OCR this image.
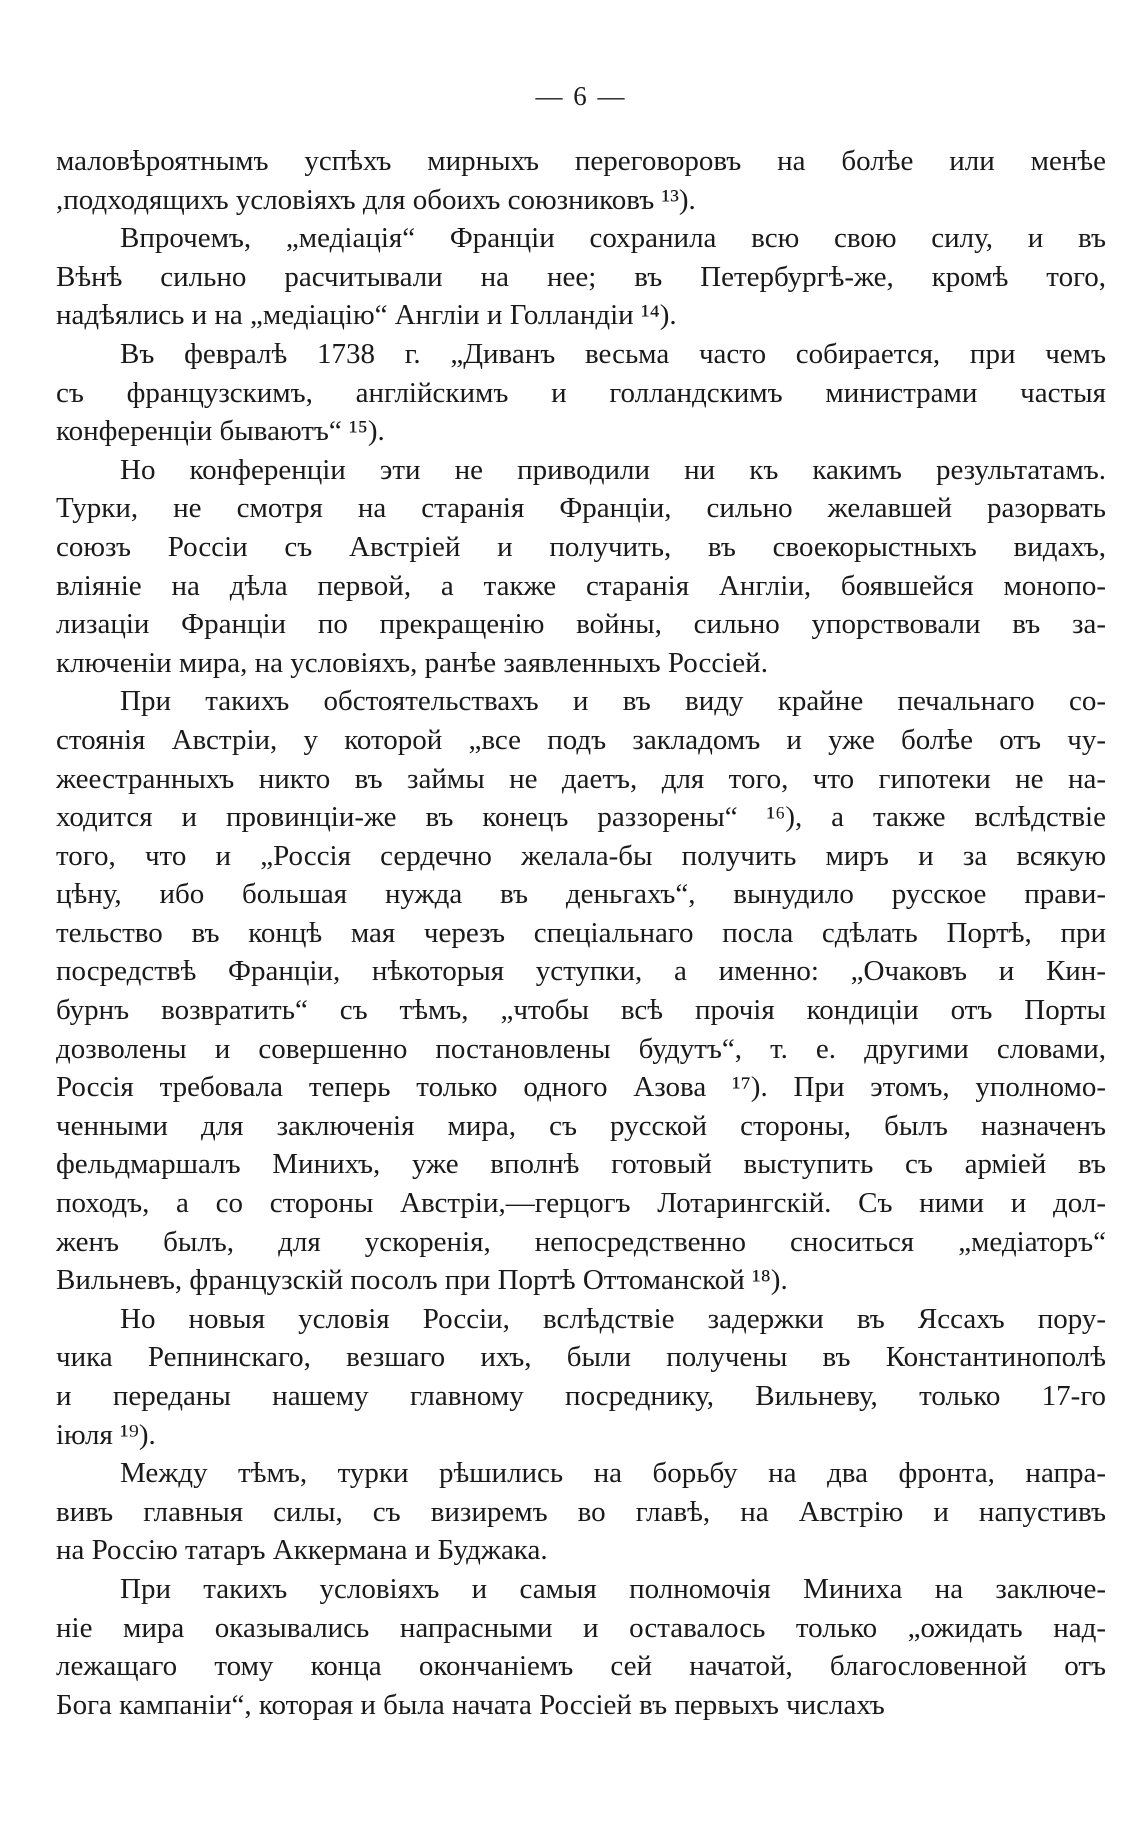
— 6 —

маловѣроятнымъ успѣхъ мирныхъ переговоровъ на болѣе или менѣе
,подходящихъ условіяхъ для обоихъ союзниковъ ¹³).

Впрочемъ, „медіація“ Франціи сохранила всю свою силу, и въ
Вѣнѣ сильно расчитывали на нее; въ Петербургѣ-же, кромѣ того,
надѣялись и на „медіацію“ Англіи и Голландіи ¹⁴).

Въ февралѣ 1738 г. „Диванъ весьма часто собирается, при чемъ
съ французскимъ, англійскимъ и голландскимъ министрами частыя
конференціи бываютъ“ ¹⁵).

Но конференціи эти не приводили ни къ какимъ результатамъ.
Турки, не смотря на старанія Франціи, сильно желавшей разорвать
союзъ Россіи съ Австріей и получить, въ своекорыстныхъ видахъ,
вліяніе на дѣла первой, а также старанія Англіи, боявшейся монопо-
лизаціи Франціи по прекращенію войны, сильно упорствовали въ за-
ключеніи мира, на условіяхъ, ранѣе заявленныхъ Россіей.

При такихъ обстоятельствахъ и въ виду крайне печальнаго со-
стоянія Австріи, у которой „все подъ закладомъ и уже болѣе отъ чу-
жеестранныхъ никто въ займы не даетъ, для того, что гипотеки не на-
ходится и провинціи-же въ конецъ раззорены“ ¹⁶), а также вслѣдствіе
того, что и „Россія сердечно желала-бы получить миръ и за всякую
цѣну, ибо большая нужда въ деньгахъ“, вынудило русское прави-
тельство въ концѣ мая черезъ спеціальнаго посла сдѣлать Портѣ, при
посредствѣ Франціи, нѣкоторыя уступки, а именно: „Очаковъ и Кин-
бурнъ возвратить“ съ тѣмъ, „чтобы всѣ прочія кондиціи отъ Порты
дозволены и совершенно постановлены будутъ“, т. е. другими словами,
Россія требовала теперь только одного Азова ¹⁷). При этомъ, уполномо-
ченными для заключенія мира, съ русской стороны, былъ назначенъ
фельдмаршалъ Минихъ, уже вполнѣ готовый выступить съ арміей въ
походъ, а со стороны Австріи,—герцогъ Лотарингскій. Съ ними и дол-
женъ былъ, для ускоренія, непосредственно сноситься „медіаторъ“
Вильневъ, французскій посолъ при Портѣ Оттоманской ¹⁸).

Но новыя условія Россіи, вслѣдствіе задержки въ Яссахъ пору-
чика Репнинскаго, везшаго ихъ, были получены въ Константинополѣ
и переданы нашему главному посреднику, Вильневу, только 17-го
іюля ¹⁹).

Между тѣмъ, турки рѣшились на борьбу на два фронта, напра-
вивъ главныя силы, съ визиремъ во главѣ, на Австрію и напустивъ
на Россію татаръ Аккермана и Буджака.

При такихъ условіяхъ и самыя полномочія Миниха на заключе-
ніе мира оказывались напрасными и оставалось только „ожидать над-
лежащаго тому конца окончаніемъ сей начатой, благословенной отъ
Бога кампаніи“, которая и была начата Россіей въ первыхъ числахъ
